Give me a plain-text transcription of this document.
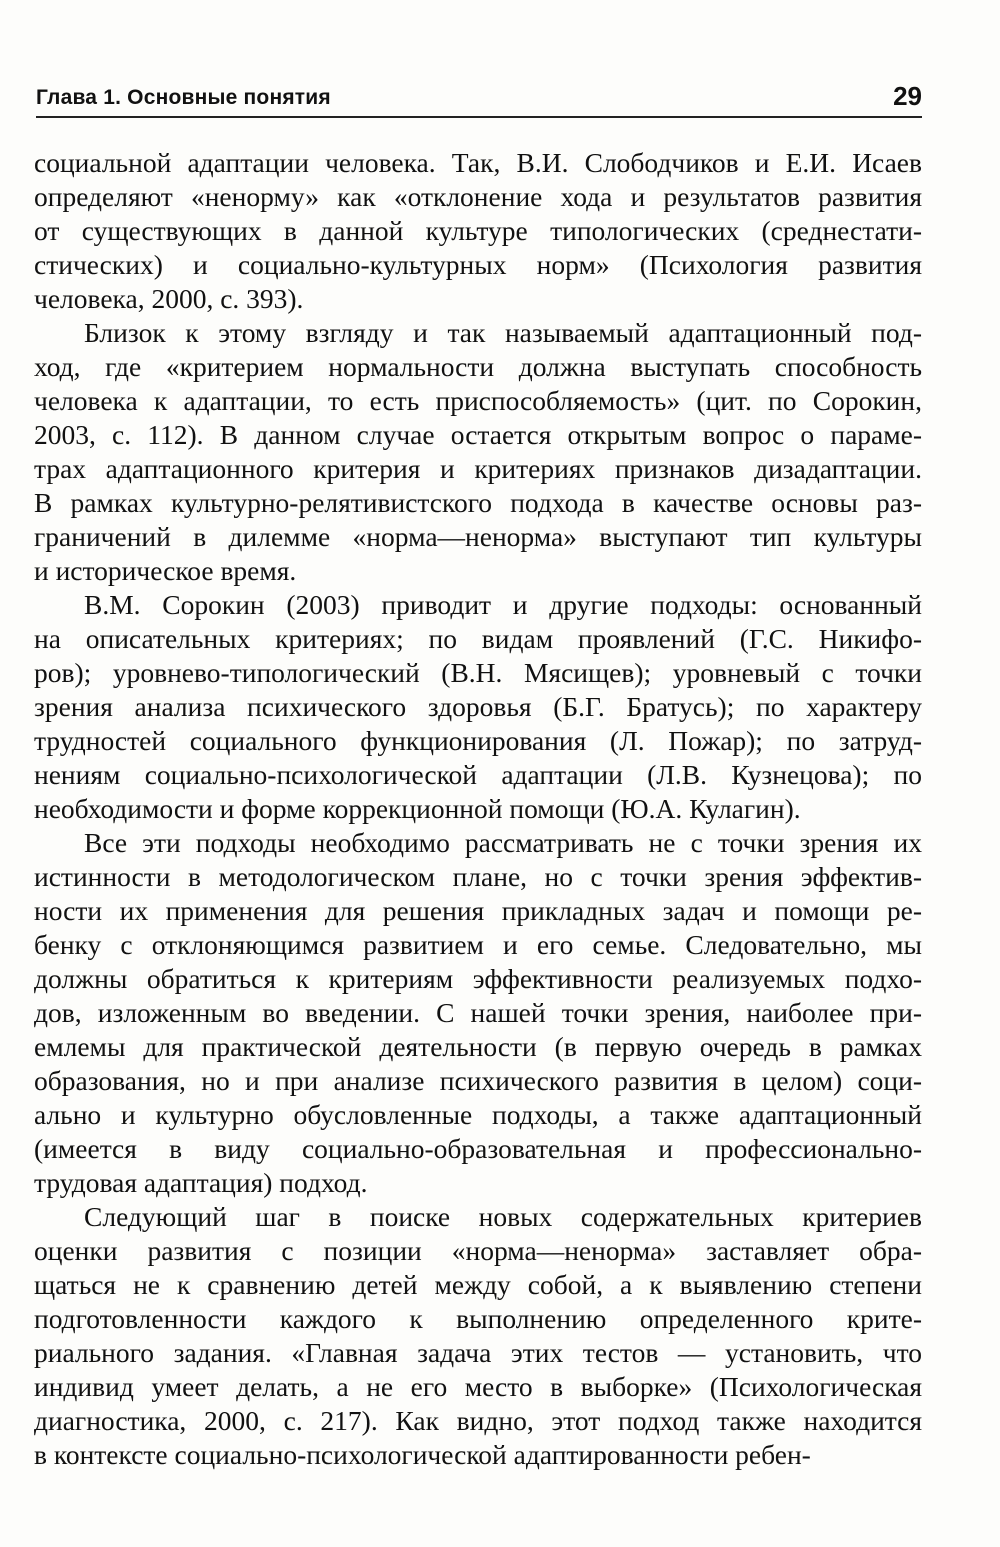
Глава 1. Основные понятия	29
социальной адаптации человека. Так, В.И. Слободчиков и Е.И. Исаев
определяют «ненорму» как «отклонение хода и результатов развития
от существующих в данной культуре типологических (среднестати-
стических) и социально-культурных норм» (Психология развития
человека, 2000, с. 393).
Близок к этому взгляду и так называемый адаптационный под-
ход, где «критерием нормальности должна выступать способность
человека к адаптации, то есть приспособляемость» (цит. по Сорокин,
2003, с. 112). В данном случае остается открытым вопрос о параме-
трах адаптационного критерия и критериях признаков дизадаптации.
В рамках культурно-релятивистского подхода в качестве основы раз-
граничений в дилемме «норма—ненорма» выступают тип культуры
и историческое время.
В.М. Сорокин (2003) приводит и другие подходы: основанный
на описательных критериях; по видам проявлений (Г.С. Никифо-
ров); уровнево-типологический (В.Н. Мясищев); уровневый с точки
зрения анализа психического здоровья (Б.Г. Братусь); по характеру
трудностей социального функционирования (Л. Пожар); по затруд-
нениям социально-психологической адаптации (Л.В. Кузнецова); по
необходимости и форме коррекционной помощи (Ю.А. Кулагин).
Все эти подходы необходимо рассматривать не с точки зрения их
истинности в методологическом плане, но с точки зрения эффектив-
ности их применения для решения прикладных задач и помощи ре-
бенку с отклоняющимся развитием и его семье. Следовательно, мы
должны обратиться к критериям эффективности реализуемых подхо-
дов, изложенным во введении. С нашей точки зрения, наиболее при-
емлемы для практической деятельности (в первую очередь в рамках
образования, но и при анализе психического развития в целом) соци-
ально и культурно обусловленные подходы, а также адаптационный
(имеется в виду социально-образовательная и профессионально-
трудовая адаптация) подход.
Следующий шаг в поиске новых содержательных критериев
оценки развития с позиции «норма—ненорма» заставляет обра-
щаться не к сравнению детей между собой, а к выявлению степени
подготовленности каждого к выполнению определенного крите-
риального задания. «Главная задача этих тестов — установить, что
индивид умеет делать, а не его место в выборке» (Психологическая
диагностика, 2000, с. 217). Как видно, этот подход также находится
в контексте социально-психологической адаптированности ребен-
